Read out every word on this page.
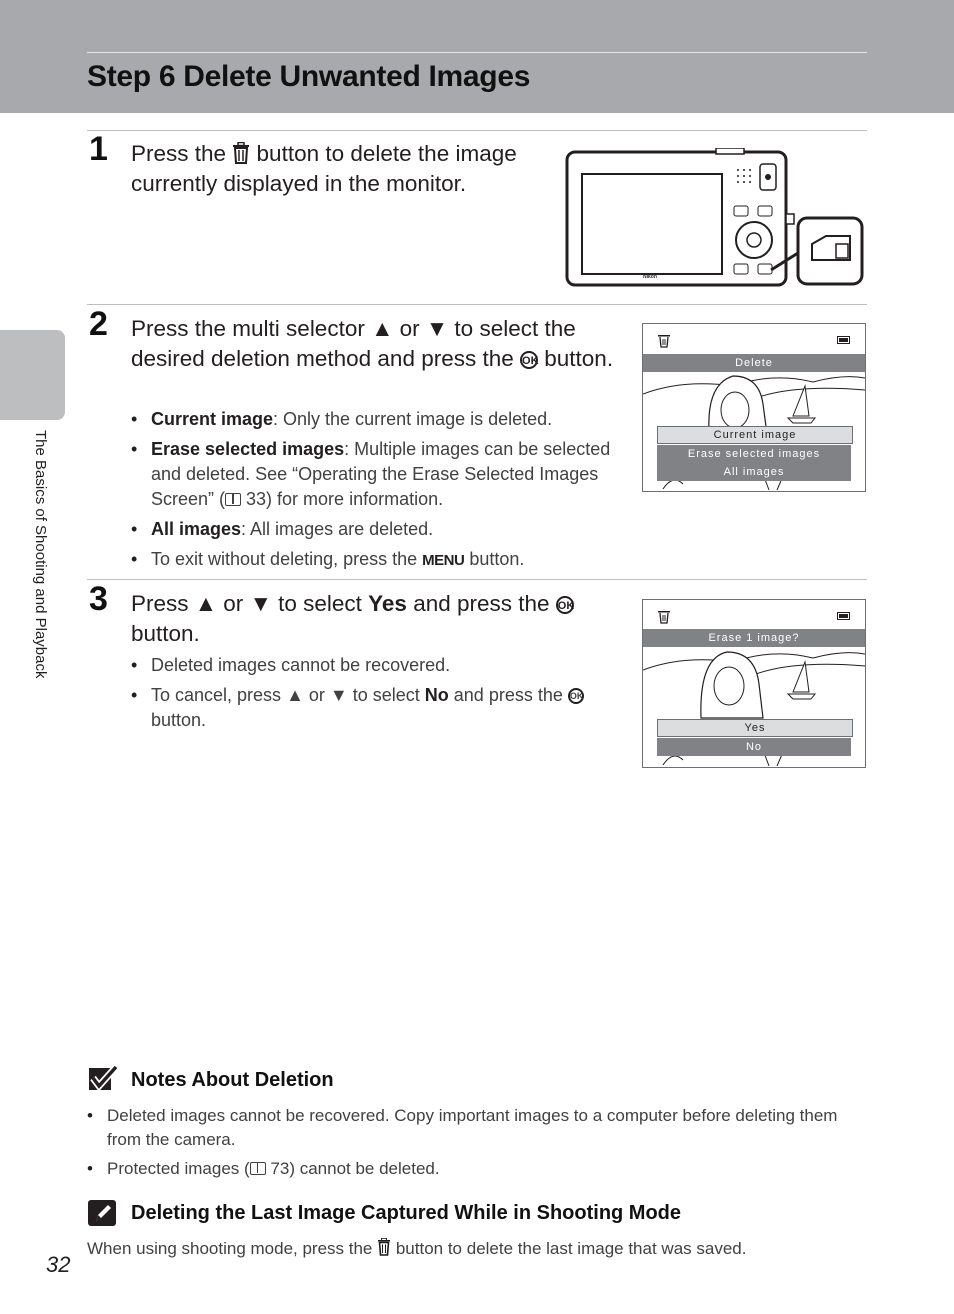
Step 6 Delete Unwanted Images
The Basics of Shooting and Playback
1 Press the  button to delete the image currently displayed in the monitor.
Nikon
2 Press the multi selector ▲ or ▼ to select the desired deletion method and press the OK button.
• Current image: Only the current image is deleted.
• Erase selected images: Multiple images can be selected and deleted. See “Operating the Erase Selected Images Screen” ( 33) for more information.
• All images: All images are deleted.
• To exit without deleting, press the MENU button.
Delete
Current image
Erase selected images
All images
3 Press ▲ or ▼ to select Yes and press the OK button.
• Deleted images cannot be recovered.
• To cancel, press ▲ or ▼ to select No and press the OK button.
Erase 1 image?
Yes
No
Notes About Deletion
• Deleted images cannot be recovered. Copy important images to a computer before deleting them from the camera.
• Protected images ( 73) cannot be deleted.
Deleting the Last Image Captured While in Shooting Mode
When using shooting mode, press the  button to delete the last image that was saved.
32
